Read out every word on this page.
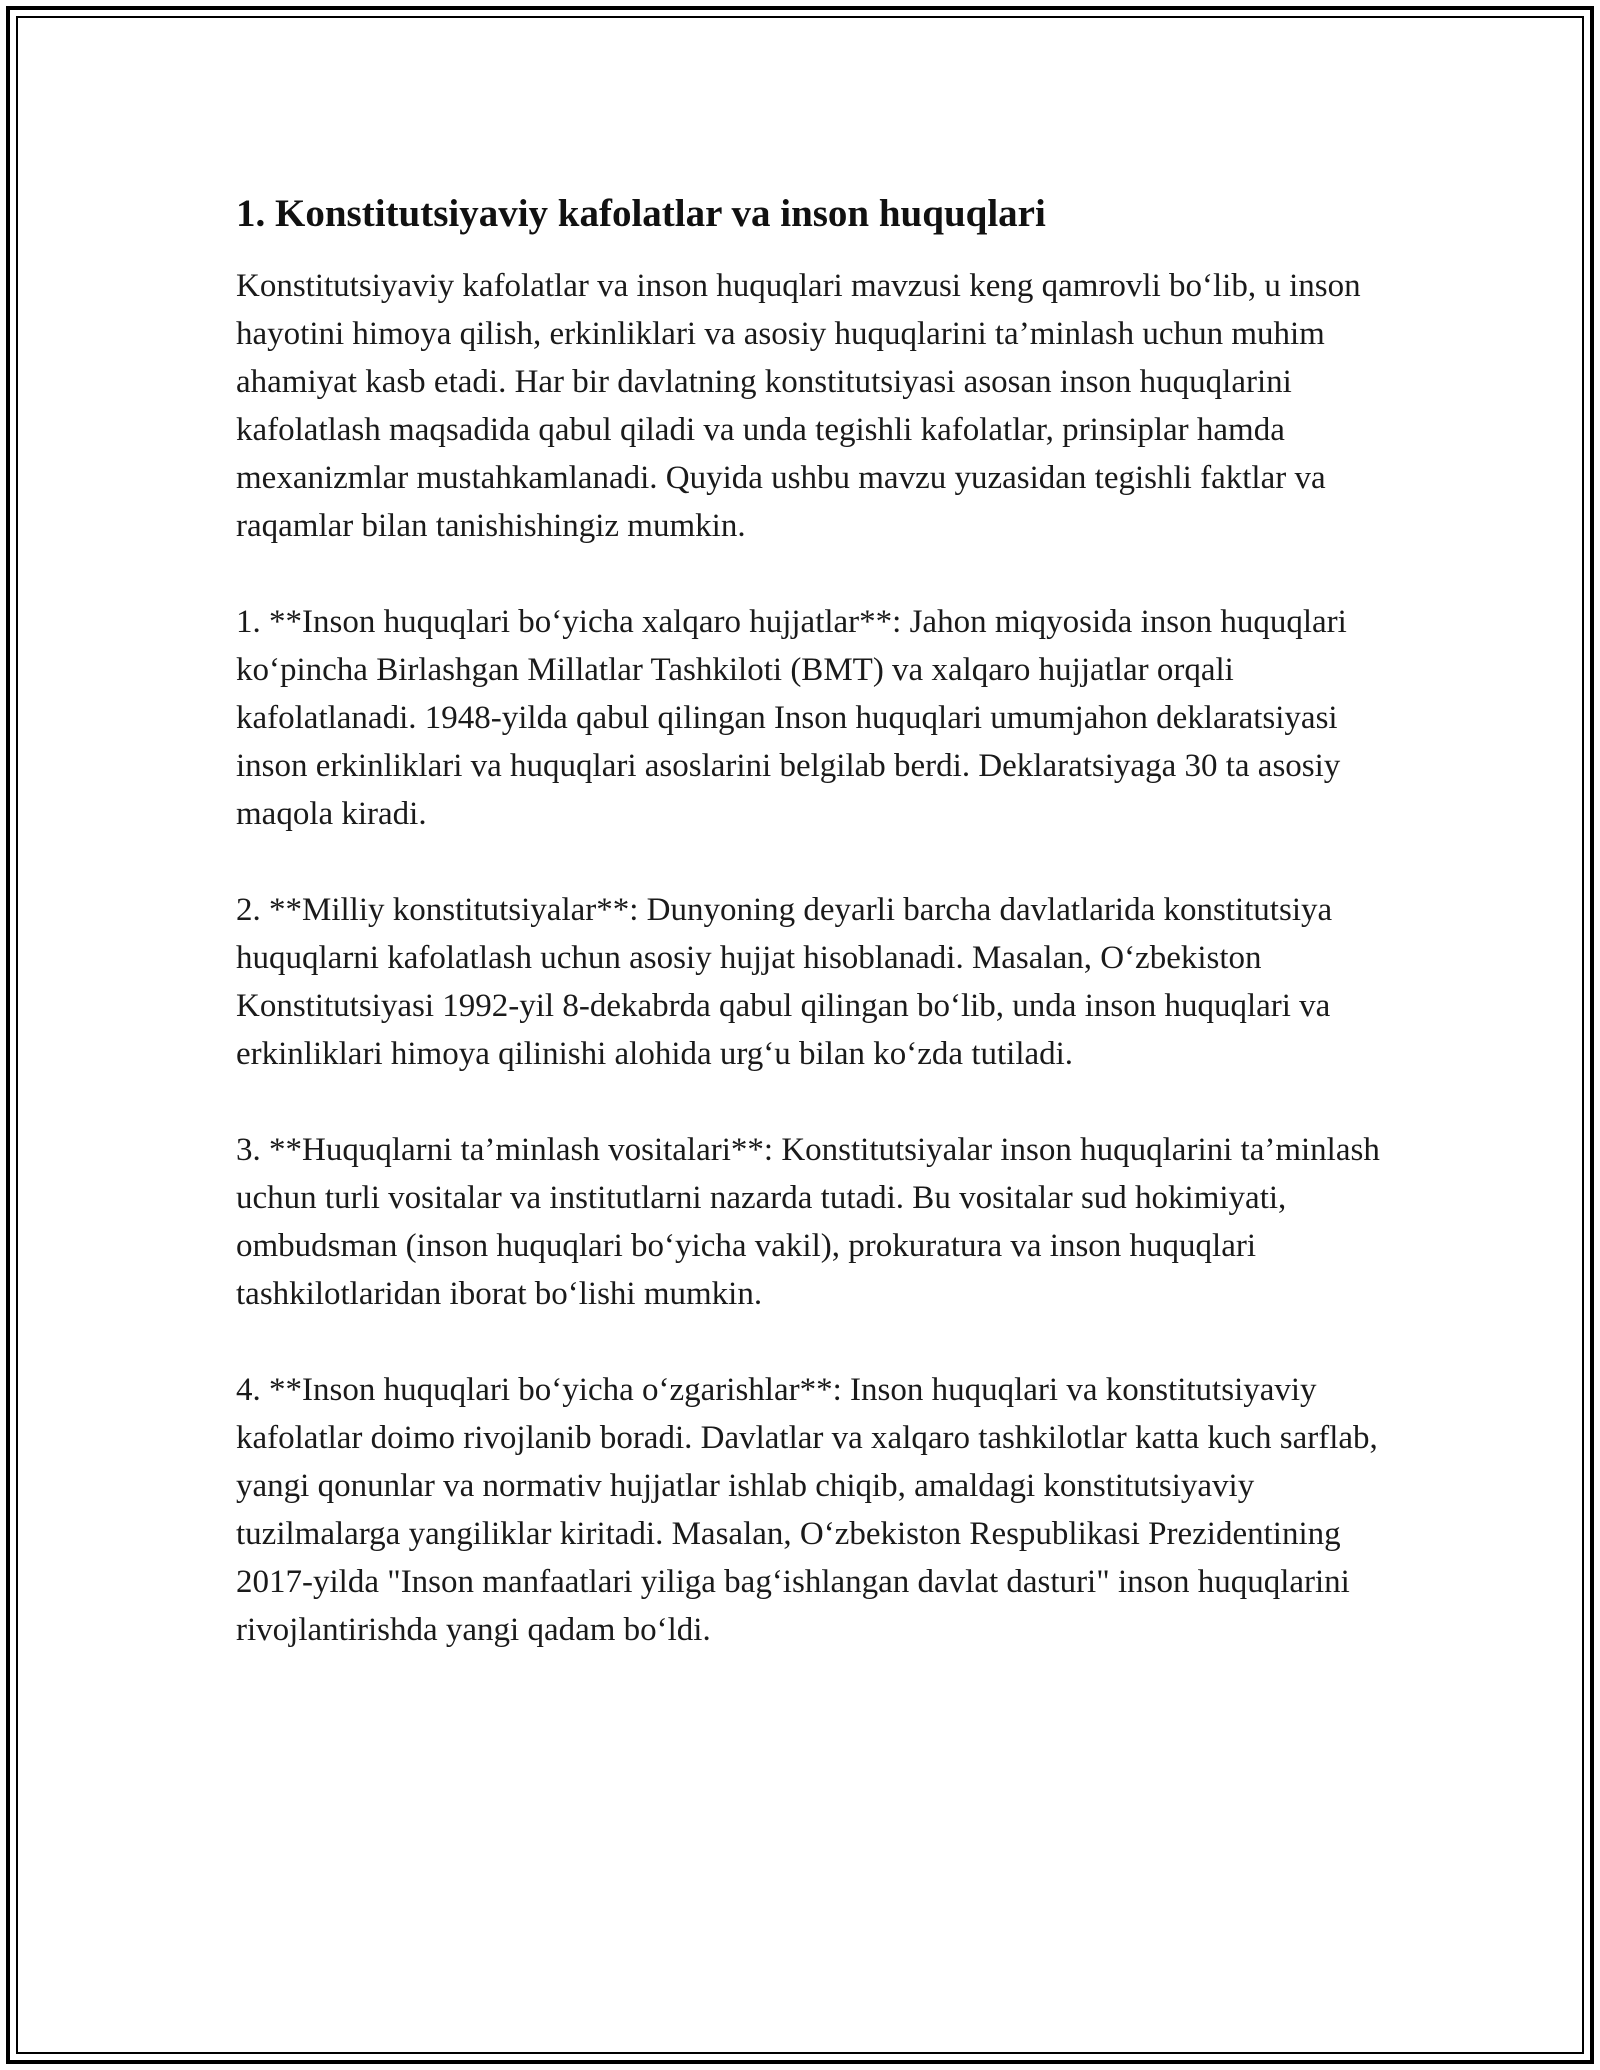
1. Konstitutsiyaviy kafolatlar va inson huquqlari

Konstitutsiyaviy kafolatlar va inson huquqlari mavzusi keng qamrovli bo‘lib, u inson hayotini himoya qilish, erkinliklari va asosiy huquqlarini ta’minlash uchun muhim ahamiyat kasb etadi. Har bir davlatning konstitutsiyasi asosan inson huquqlarini kafolatlash maqsadida qabul qiladi va unda tegishli kafolatlar, prinsiplar hamda mexanizmlar mustahkamlanadi. Quyida ushbu mavzu yuzasidan tegishli faktlar va raqamlar bilan tanishishingiz mumkin.

1. **Inson huquqlari bo‘yicha xalqaro hujjatlar**: Jahon miqyosida inson huquqlari ko‘pincha Birlashgan Millatlar Tashkiloti (BMT) va xalqaro hujjatlar orqali kafolatlanadi. 1948-yilda qabul qilingan Inson huquqlari umumjahon deklaratsiyasi inson erkinliklari va huquqlari asoslarini belgilab berdi. Deklaratsiyaga 30 ta asosiy maqola kiradi.

2. **Milliy konstitutsiyalar**: Dunyoning deyarli barcha davlatlarida konstitutsiya huquqlarni kafolatlash uchun asosiy hujjat hisoblanadi. Masalan, O‘zbekiston Konstitutsiyasi 1992-yil 8-dekabrda qabul qilingan bo‘lib, unda inson huquqlari va erkinliklari himoya qilinishi alohida urg‘u bilan ko‘zda tutiladi.

3. **Huquqlarni ta’minlash vositalari**: Konstitutsiyalar inson huquqlarini ta’minlash uchun turli vositalar va institutlarni nazarda tutadi. Bu vositalar sud hokimiyati, ombudsman (inson huquqlari bo‘yicha vakil), prokuratura va inson huquqlari tashkilotlaridan iborat bo‘lishi mumkin.

4. **Inson huquqlari bo‘yicha o‘zgarishlar**: Inson huquqlari va konstitutsiyaviy kafolatlar doimo rivojlanib boradi. Davlatlar va xalqaro tashkilotlar katta kuch sarflab, yangi qonunlar va normativ hujjatlar ishlab chiqib, amaldagi konstitutsiyaviy tuzilmalarga yangiliklar kiritadi. Masalan, O‘zbekiston Respublikasi Prezidentining 2017-yilda "Inson manfaatlari yiliga bag‘ishlangan davlat dasturi" inson huquqlarini rivojlantirishda yangi qadam bo‘ldi.
